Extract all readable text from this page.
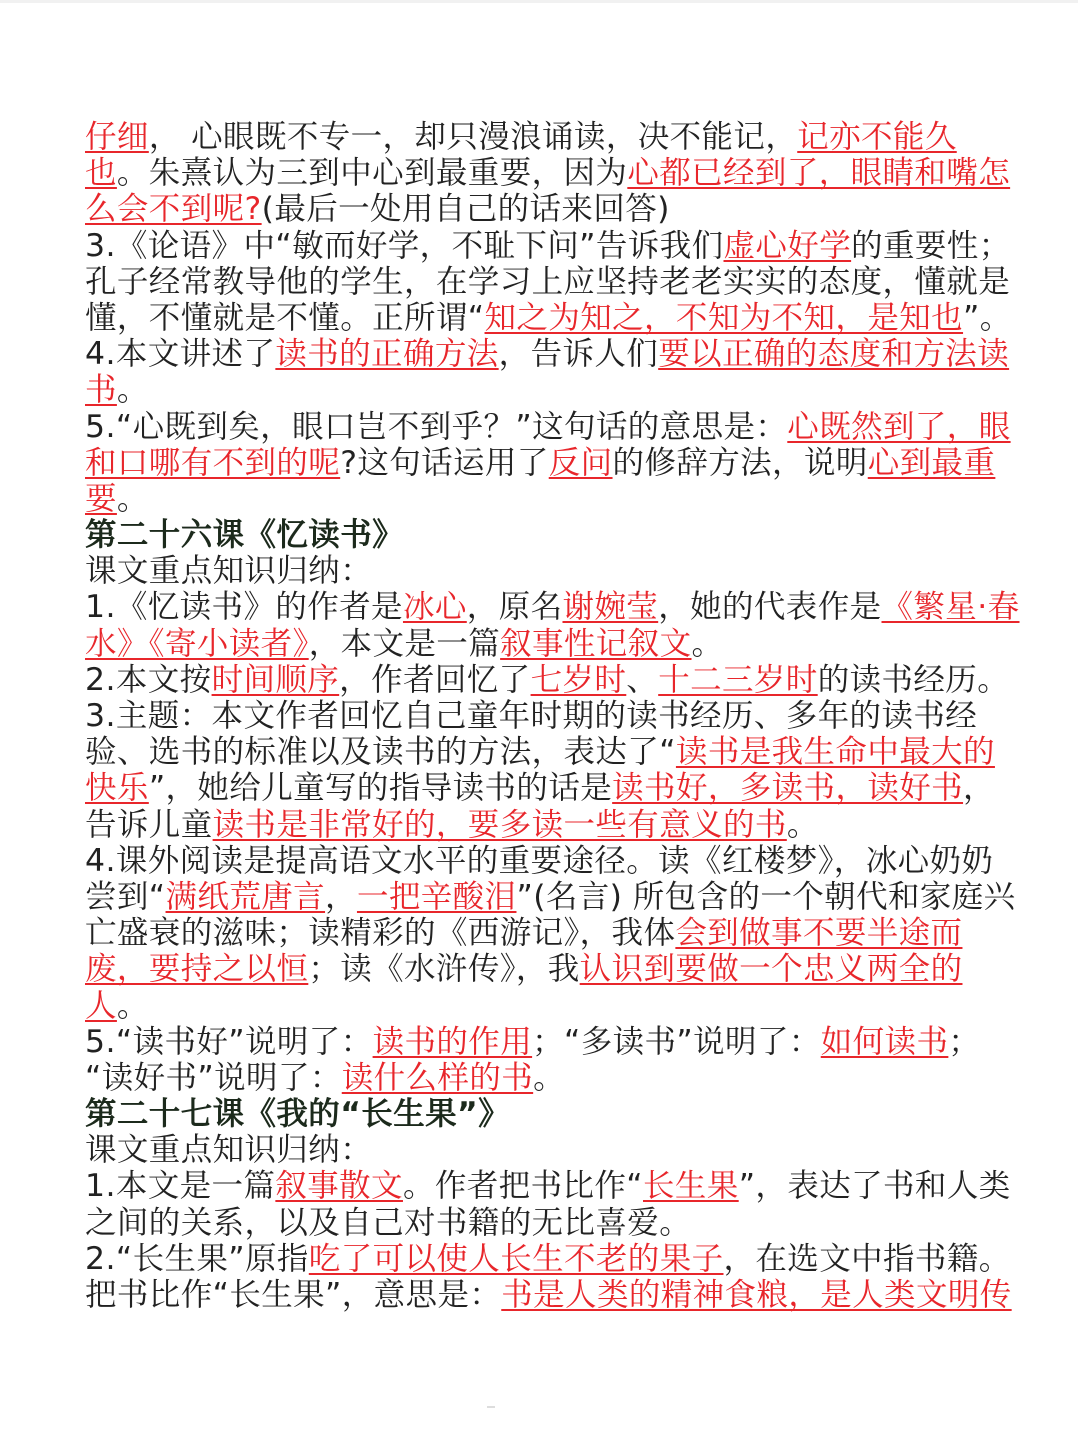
仔细， 心眼既不专一，却只漫浪诵读，决不能记，记亦不能久
也。朱熹认为三到中心到最重要，因为心都已经到了，眼睛和嘴怎
么会不到呢?(最后一处用自己的话来回答)
3.《论语》中“敏而好学，不耻下问”告诉我们虚心好学的重要性；
孔子经常教导他的学生，在学习上应坚持老老实实的态度，懂就是
懂，不懂就是不懂。正所谓“知之为知之，不知为不知，是知也”。
4.本文讲述了读书的正确方法，告诉人们要以正确的态度和方法读
书。
5.“心既到矣，眼口岂不到乎？”这句话的意思是：心既然到了，眼
和口哪有不到的呢?这句话运用了反问的修辞方法，说明心到最重
要。
第二十六课《忆读书》
课文重点知识归纳：
1.《忆读书》的作者是冰心，原名谢婉莹，她的代表作是《繁星·春
水》《寄小读者》，本文是一篇叙事性记叙文。
2.本文按时间顺序，作者回忆了七岁时、十二三岁时的读书经历。
3.主题：本文作者回忆自己童年时期的读书经历、多年的读书经
验、选书的标准以及读书的方法，表达了“读书是我生命中最大的
快乐”，她给儿童写的指导读书的话是读书好，多读书，读好书，
告诉儿童读书是非常好的，要多读一些有意义的书。
4.课外阅读是提高语文水平的重要途径。读《红楼梦》，冰心奶奶
尝到“满纸荒唐言，一把辛酸泪”(名言) 所包含的一个朝代和家庭兴
亡盛衰的滋味；读精彩的《西游记》，我体会到做事不要半途而
废，要持之以恒；读《水浒传》，我认识到要做一个忠义两全的
人。
5.“读书好”说明了：读书的作用；“多读书”说明了：如何读书；
“读好书”说明了：读什么样的书。
第二十七课《我的“长生果”》
课文重点知识归纳：
1.本文是一篇叙事散文。作者把书比作“长生果”，表达了书和人类
之间的关系，以及自己对书籍的无比喜爱。
2.“长生果”原指吃了可以使人长生不老的果子，在选文中指书籍。
把书比作“长生果”，意思是：书是人类的精神食粮，是人类文明传
